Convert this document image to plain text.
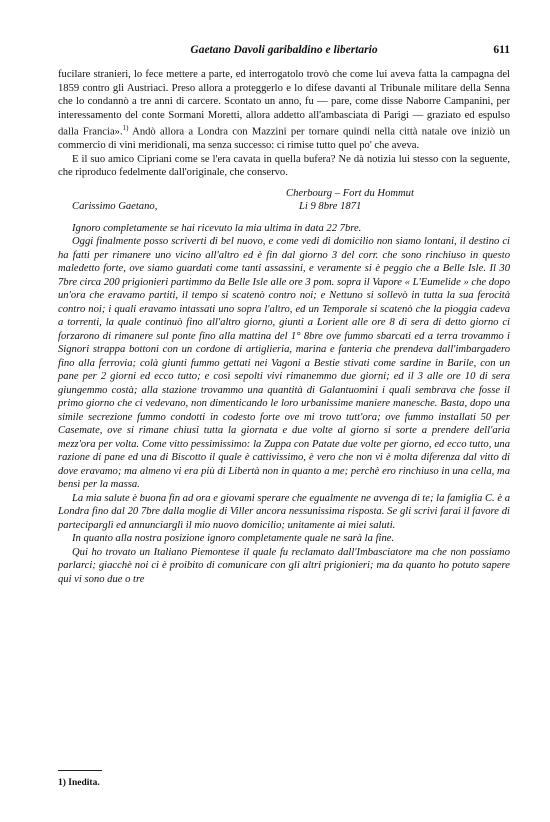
Gaetano Davoli garibaldino e libertario	611

fucilare stranieri, lo fece mettere a parte, ed interrogatolo trovò che come lui aveva fatta la campagna del 1859 contro gli Austriaci. Preso allora a proteggerlo e lo difese davanti al Tribunale militare della Senna che lo condannò a tre anni di carcere. Scontato un anno, fu — pare, come disse Naborre Campanini, per interessamento del conte Sormani Moretti, allora addetto all'ambasciata di Parigi — graziato ed espulso dalla Francia».$^{1)}$ Andò allora a Londra con Mazzini per tornare quindi nella città natale ove iniziò un commercio di vini meridionali, ma senza successo: ci rimise tutto quel po' che aveva.

E il suo amico Cipriani come se l'era cavata in quella bufera? Ne dà notizia lui stesso con la seguente, che riproduco fedelmente dall'originale, che conservo.

Cherbourg – Fort du Hommut
Carissimo Gaetano,	Li 9 8bre 1871

Ignoro completamente se hai ricevuto la mia ultima in data 22 7bre.

Oggi finalmente posso scriverti di bel nuovo, e come vedi di domicilio non siamo lontani, il destino ci ha fatti per rimanere uno vicino all'altro ed è fin dal giorno 3 del corr. che sono rinchiuso in questo maledetto forte, ove siamo guardati come tanti assassini, e veramente si è peggio che a Belle Isle. Il 30 7bre circa 200 prigionieri partimmo da Belle Isle alle ore 3 pom. sopra il Vapore « L'Eumelide » che dopo un'ora che eravamo partiti, il tempo si scatenò contro noi; e Nettuno si sollevò in tutta la sua ferocità contro noi; i quali eravamo intassati uno sopra l'altro, ed un Temporale si scatenò che la pioggia cadeva a torrenti, la quale continuò fino all'altro giorno, giunti a Lorient alle ore 8 di sera di detto giorno ci forzarono di rimanere sul ponte fino alla mattina del 1° 8bre ove fummo sbarcati ed a terra trovammo i Signori strappa bottoni con un cordone di artiglieria, marina e fanteria che prendeva dall'imbargadero fino alla ferrovia; colà giunti fummo gettati nei Vagoni a Bestie stivati come sardine in Barile, con un pane per 2 giorni ed ecco tutto; e così sepolti vivi rimanemmo due giorni; ed il 3 alle ore 10 di sera giungemmo costà; alla stazione trovammo una quantità di Galantuomini i quali sembrava che fosse il primo giorno che ci vedevano, non dimenticando le loro urbanissime maniere manesche. Basta, dopo una simile secrezione fummo condotti in codesto forte ove mi trovo tutt'ora; ove fummo installati 50 per Casemate, ove si rimane chiusi tutta la giornata e due volte al giorno si sorte a prendere dell'aria mezz'ora per volta. Come vitto pessimissimo: la Zuppa con Patate due volte per giorno, ed ecco tutto, una razione di pane ed una di Biscotto il quale è cattivissimo, è vero che non vi è molta diferenza dal vitto di dove eravamo; ma almeno vi era più di Libertà non in quanto a me; perchè ero rinchiuso in una cella, ma bensì per la massa.

La mia salute è buona fin ad ora e giovami sperare che egualmente ne avvenga di te; la famiglia C. è a Londra fino dal 20 7bre dalla moglie di Viller ancora nessunissima risposta. Se gli scrivi farai il favore di parteciparglì ed annunciarglì il mio nuovo domicilio; unitamente ai miei saluti.

In quanto alla nostra posizione ignoro completamente quale ne sarà la fine.

Qui ho trovato un Italiano Piemontese il quale fu reclamato dall'Imbasciatore ma che non possiamo parlarci; giacchè noi ci è proibito di comunicare con gli altri prigionieri; ma da quanto ho potuto sapere qui vi sono due o tre

1) Inedita.
